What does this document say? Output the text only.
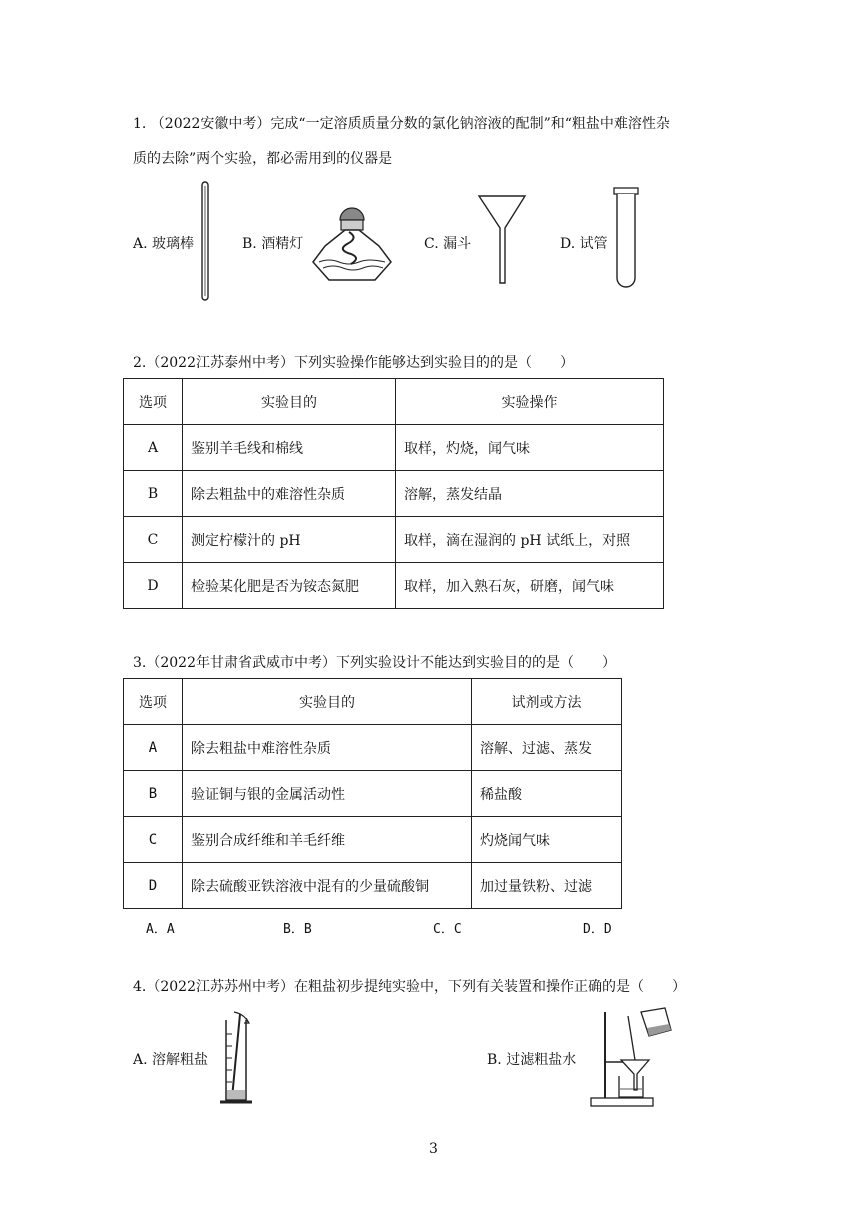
1. （2022安徽中考）完成“一定溶质质量分数的氯化钠溶液的配制”和“粗盐中难溶性杂
质的去除”两个实验，都必需用到的仪器是
A. 玻璃棒	B. 酒精灯	C. 漏斗	D. 试管
2.（2022江苏泰州中考）下列实验操作能够达到实验目的的是（　　）
选项	实验目的	实验操作
A	鉴别羊毛线和棉线	取样，灼烧，闻气味
B	除去粗盐中的难溶性杂质	溶解，蒸发结晶
C	测定柠檬汁的 pH	取样，滴在湿润的 pH 试纸上，对照
D	检验某化肥是否为铵态氮肥	取样，加入熟石灰，研磨，闻气味
3.（2022年甘肃省武威市中考）下列实验设计不能达到实验目的的是（　　）
选项	实验目的	试剂或方法
A	除去粗盐中难溶性杂质	溶解、过滤、蒸发
B	验证铜与银的金属活动性	稀盐酸
C	鉴别合成纤维和羊毛纤维	灼烧闻气味
D	除去硫酸亚铁溶液中混有的少量硫酸铜	加过量铁粉、过滤
A．A	B．B	C．C	D．D
4.（2022江苏苏州中考）在粗盐初步提纯实验中，下列有关装置和操作正确的是（　　）
A. 溶解粗盐	B. 过滤粗盐水
3
